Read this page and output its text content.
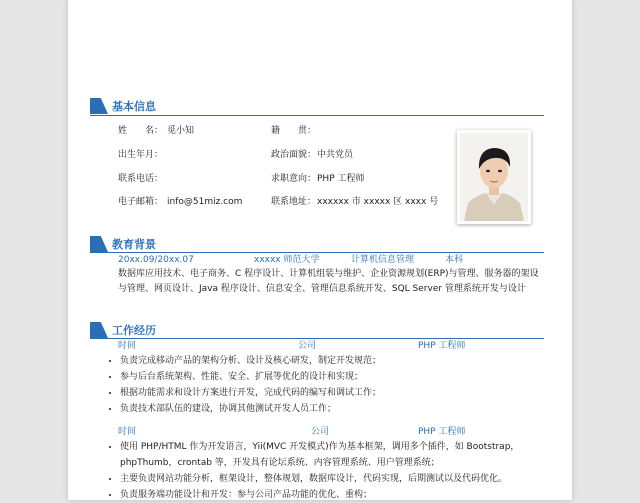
基本信息
姓　　名： 觅小知	籍　　贯：
出生年月：	政治面貌： 中共党员
联系电话：	求职意向： PHP 工程师
电子邮箱： info@51miz.com	联系地址： xxxxxx 市 xxxxx 区 xxxx 号
教育背景
20xx.09/20xx.07	xxxxx 师范大学	计算机信息管理	本科
数据库应用技术、电子商务、C 程序设计、计算机组装与维护、企业资源规划(ERP)与管理、服务器的架设与管理、网页设计、Java 程序设计、信息安全、管理信息系统开发、SQL Server 管理系统开发与设计
工作经历
时间	公司	PHP 工程师
• 负责完成移动产品的架构分析、设计及核心研发，制定开发规范；
• 参与后台系统架构、性能、安全、扩展等优化的设计和实现；
• 根据功能需求和设计方案进行开发，完成代码的编写和调试工作；
• 负责技术部队伍的建设，协调其他测试开发人员工作；
时间	公司	PHP 工程师
• 使用 PHP/HTML 作为开发语言，Yii(MVC 开发模式)作为基本框架，调用多个插件，如 Bootstrap，phpThumb，crontab 等，开发具有论坛系统、内容管理系统、用户管理系统；
• 主要负责网站功能分析，框架设计，整体规划，数据库设计，代码实现，后期测试以及代码优化。
• 负责服务端功能设计和开发：参与公司产品功能的优化、重构；
